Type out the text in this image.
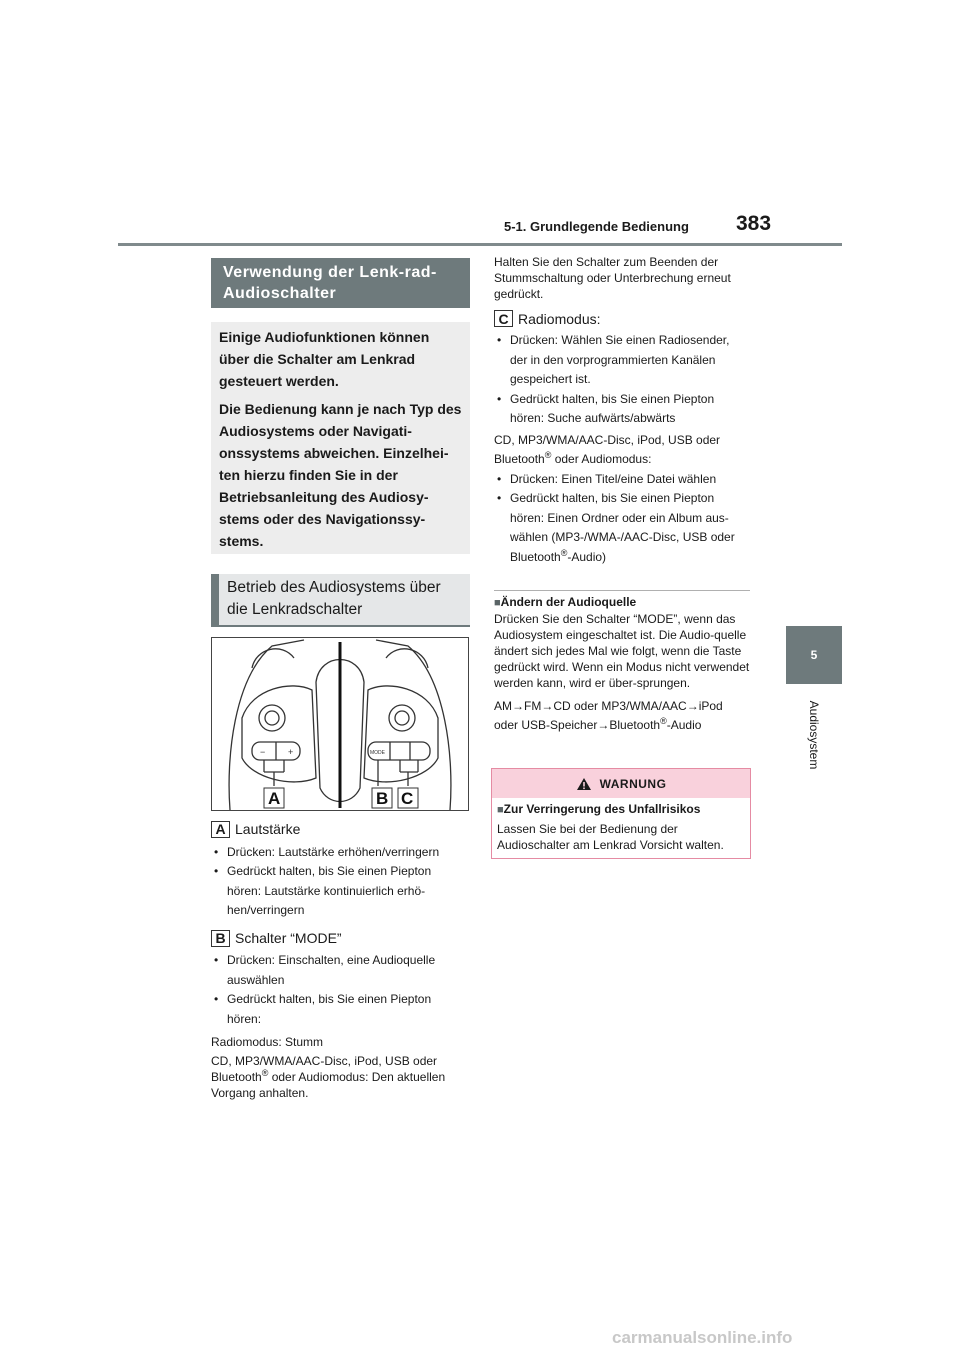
5-1. Grundlegende Bedienung 383
5
Audiosystem
Verwendung der Lenk-rad-Audioschalter

Einige Audiofunktionen können über die Schalter am Lenkrad gesteuert werden.

Die Bedienung kann je nach Typ des Audiosystems oder Navigati-onssystems abweichen. Einzelhei-ten hierzu finden Sie in der Betriebsanleitung des Audiosy-stems oder des Navigationssy-stems.

Betrieb des Audiosystems über die Lenkradschalter
−	+	MODE
A	B C
A Lautstärke
• Drücken: Lautstärke erhöhen/verringern
• Gedrückt halten, bis Sie einen Piepton hören: Lautstärke kontinuierlich erhö-hen/verringern
B Schalter “MODE”
• Drücken: Einschalten, eine Audioquelle auswählen
• Gedrückt halten, bis Sie einen Piepton hören:
Radiomodus: Stumm
CD, MP3/WMA/AAC-Disc, iPod, USB oder Bluetooth® oder Audiomodus: Den aktuellen Vorgang anhalten.
Halten Sie den Schalter zum Beenden der Stummschaltung oder Unterbrechung erneut gedrückt.
C Radiomodus:
• Drücken: Wählen Sie einen Radiosender, der in den vorprogrammierten Kanälen gespeichert ist.
• Gedrückt halten, bis Sie einen Piepton hören: Suche aufwärts/abwärts
CD, MP3/WMA/AAC-Disc, iPod, USB oder Bluetooth® oder Audiomodus:
• Drücken: Einen Titel/eine Datei wählen
• Gedrückt halten, bis Sie einen Piepton hören: Einen Ordner oder ein Album aus-wählen (MP3-/WMA-/AAC-Disc, USB oder Bluetooth®-Audio)
■Ändern der Audioquelle
Drücken Sie den Schalter “MODE”, wenn das Audiosystem eingeschaltet ist. Die Audio-quelle ändert sich jedes Mal wie folgt, wenn die Taste gedrückt wird. Wenn ein Modus nicht verwendet werden kann, wird er über-sprungen.
AM→FM→CD oder MP3/WMA/AAC→iPod oder USB-Speicher→Bluetooth®-Audio
WARNUNG
■Zur Verringerung des Unfallrisikos
Lassen Sie bei der Bedienung der Audioschalter am Lenkrad Vorsicht walten.
carmanualsonline.info
